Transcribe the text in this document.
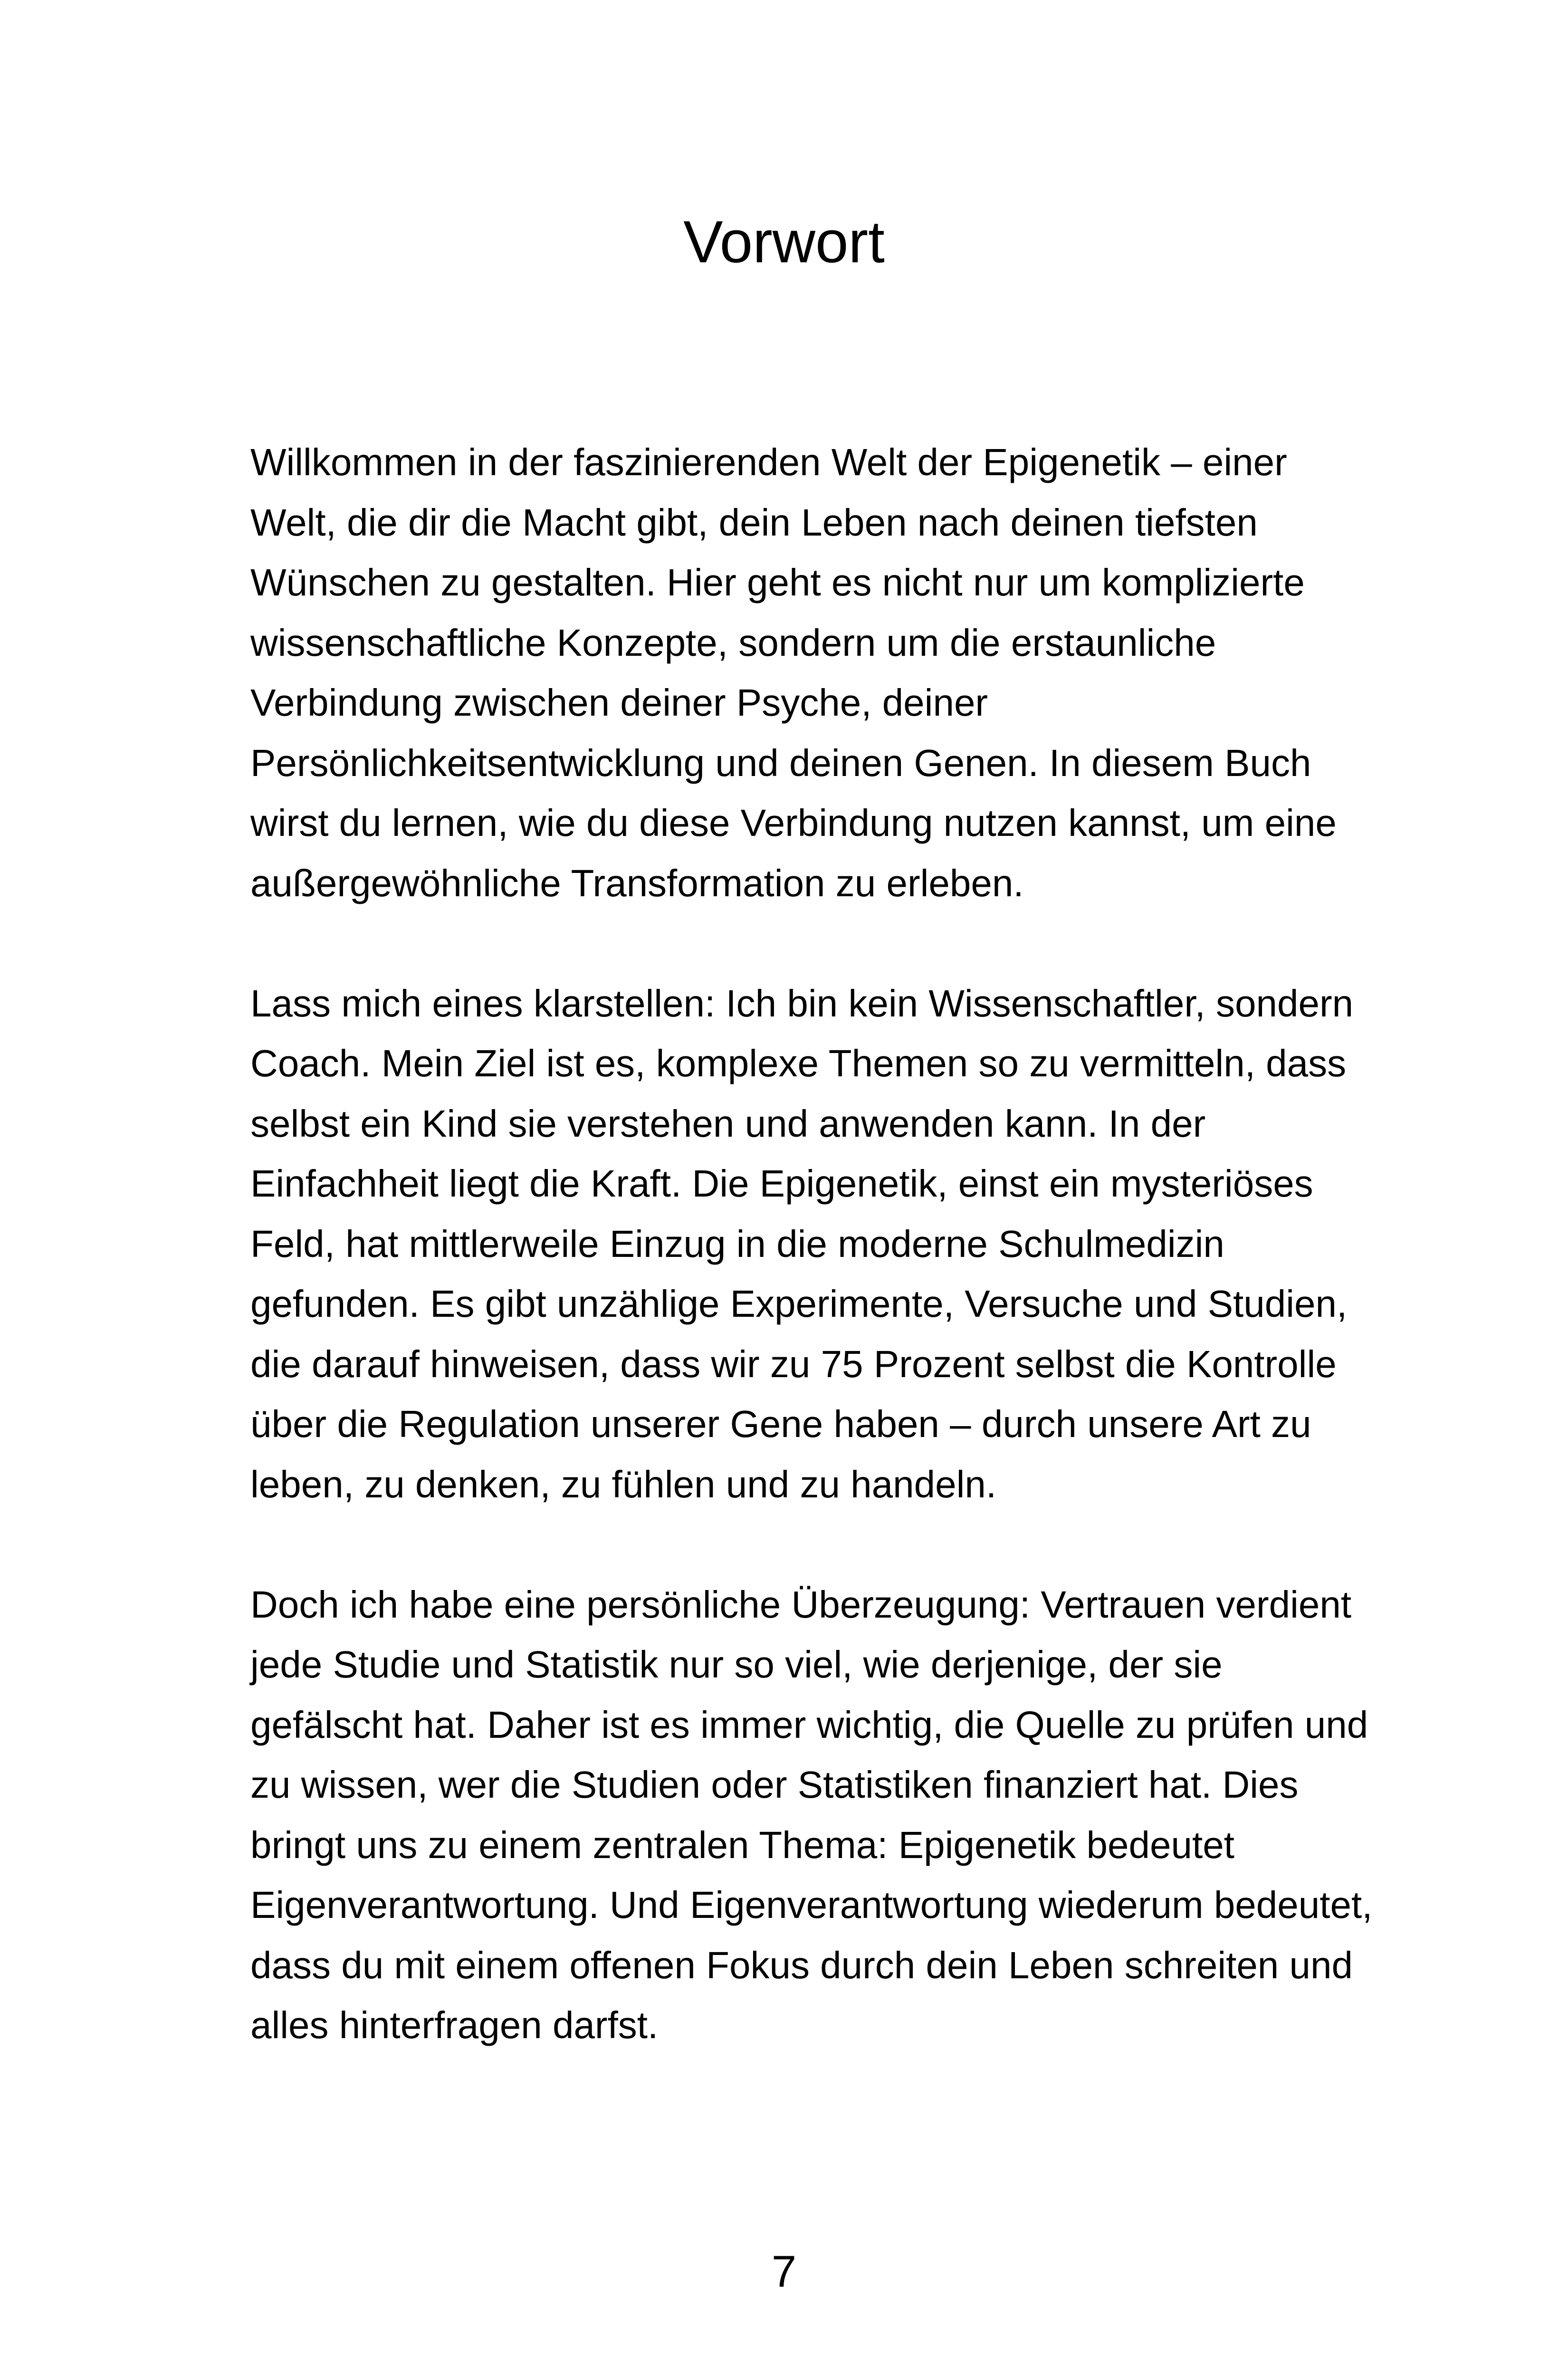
Vorwort

Willkommen in der faszinierenden Welt der Epigenetik – einer
Welt, die dir die Macht gibt, dein Leben nach deinen tiefsten
Wünschen zu gestalten. Hier geht es nicht nur um komplizierte
wissenschaftliche Konzepte, sondern um die erstaunliche
Verbindung zwischen deiner Psyche, deiner
Persönlichkeitsentwicklung und deinen Genen. In diesem Buch
wirst du lernen, wie du diese Verbindung nutzen kannst, um eine
außergewöhnliche Transformation zu erleben.

Lass mich eines klarstellen: Ich bin kein Wissenschaftler, sondern
Coach. Mein Ziel ist es, komplexe Themen so zu vermitteln, dass
selbst ein Kind sie verstehen und anwenden kann. In der
Einfachheit liegt die Kraft. Die Epigenetik, einst ein mysteriöses
Feld, hat mittlerweile Einzug in die moderne Schulmedizin
gefunden. Es gibt unzählige Experimente, Versuche und Studien,
die darauf hinweisen, dass wir zu 75 Prozent selbst die Kontrolle
über die Regulation unserer Gene haben – durch unsere Art zu
leben, zu denken, zu fühlen und zu handeln.

Doch ich habe eine persönliche Überzeugung: Vertrauen verdient
jede Studie und Statistik nur so viel, wie derjenige, der sie
gefälscht hat. Daher ist es immer wichtig, die Quelle zu prüfen und
zu wissen, wer die Studien oder Statistiken finanziert hat. Dies
bringt uns zu einem zentralen Thema: Epigenetik bedeutet
Eigenverantwortung. Und Eigenverantwortung wiederum bedeutet,
dass du mit einem offenen Fokus durch dein Leben schreiten und
alles hinterfragen darfst.

7
